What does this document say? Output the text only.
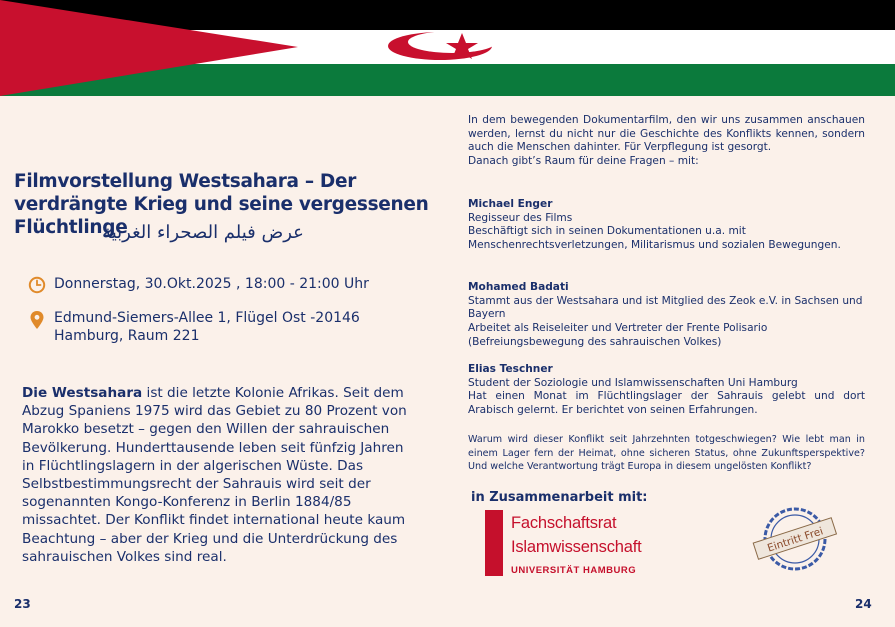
Filmvorstellung Westsahara – Der verdrängte Krieg und seine vergessenen Flüchtlinge
عرض فيلم الصحراء الغربية
Donnerstag, 30.Okt.2025 , 18:00 - 21:00 Uhr
Edmund-Siemers-Allee 1, Flügel Ost -20146
Hamburg, Raum 221
Die Westsahara ist die letzte Kolonie Afrikas. Seit dem Abzug Spaniens 1975 wird das Gebiet zu 80 Prozent von Marokko besetzt – gegen den Willen der sahrauischen Bevölkerung. Hunderttausende leben seit fünfzig Jahren in Flüchtlingslagern in der algerischen Wüste. Das Selbstbestimmungsrecht der Sahrauis wird seit der sogenannten Kongo-Konferenz in Berlin 1884/85 missachtet. Der Konflikt findet international heute kaum Beachtung – aber der Krieg und die Unterdrückung des sahrauischen Volkes sind real.
23
In dem bewegenden Dokumentarfilm, den wir uns zusammen anschauen werden, lernst du nicht nur die Geschichte des Konflikts kennen, sondern auch die Menschen dahinter. Für Verpflegung ist gesorgt.
Danach gibt’s Raum für deine Fragen – mit:
Michael Enger
Regisseur des Films
Beschäftigt sich in seinen Dokumentationen u.a. mit Menschenrechtsverletzungen, Militarismus und sozialen Bewegungen.
Mohamed Badati
Stammt aus der Westsahara und ist Mitglied des Zeok e.V. in Sachsen und Bayern
Arbeitet als Reiseleiter und Vertreter der Frente Polisario (Befreiungsbewegung des sahrauischen Volkes)
Elias Teschner
Student der Soziologie und Islamwissenschaften Uni Hamburg
Hat einen Monat im Flüchtlingslager der Sahrauis gelebt und dort Arabisch gelernt. Er berichtet von seinen Erfahrungen.
Warum wird dieser Konflikt seit Jahrzehnten totgeschwiegen? Wie lebt man in einem Lager fern der Heimat, ohne sicheren Status, ohne Zukunftsperspektive? Und welche Verantwortung trägt Europa in diesem ungelösten Konflikt?
in Zusammenarbeit mit:
Fachschaftsrat
Islamwissenschaft
UNIVERSITÄT HAMBURG
Eintritt Frei
24
